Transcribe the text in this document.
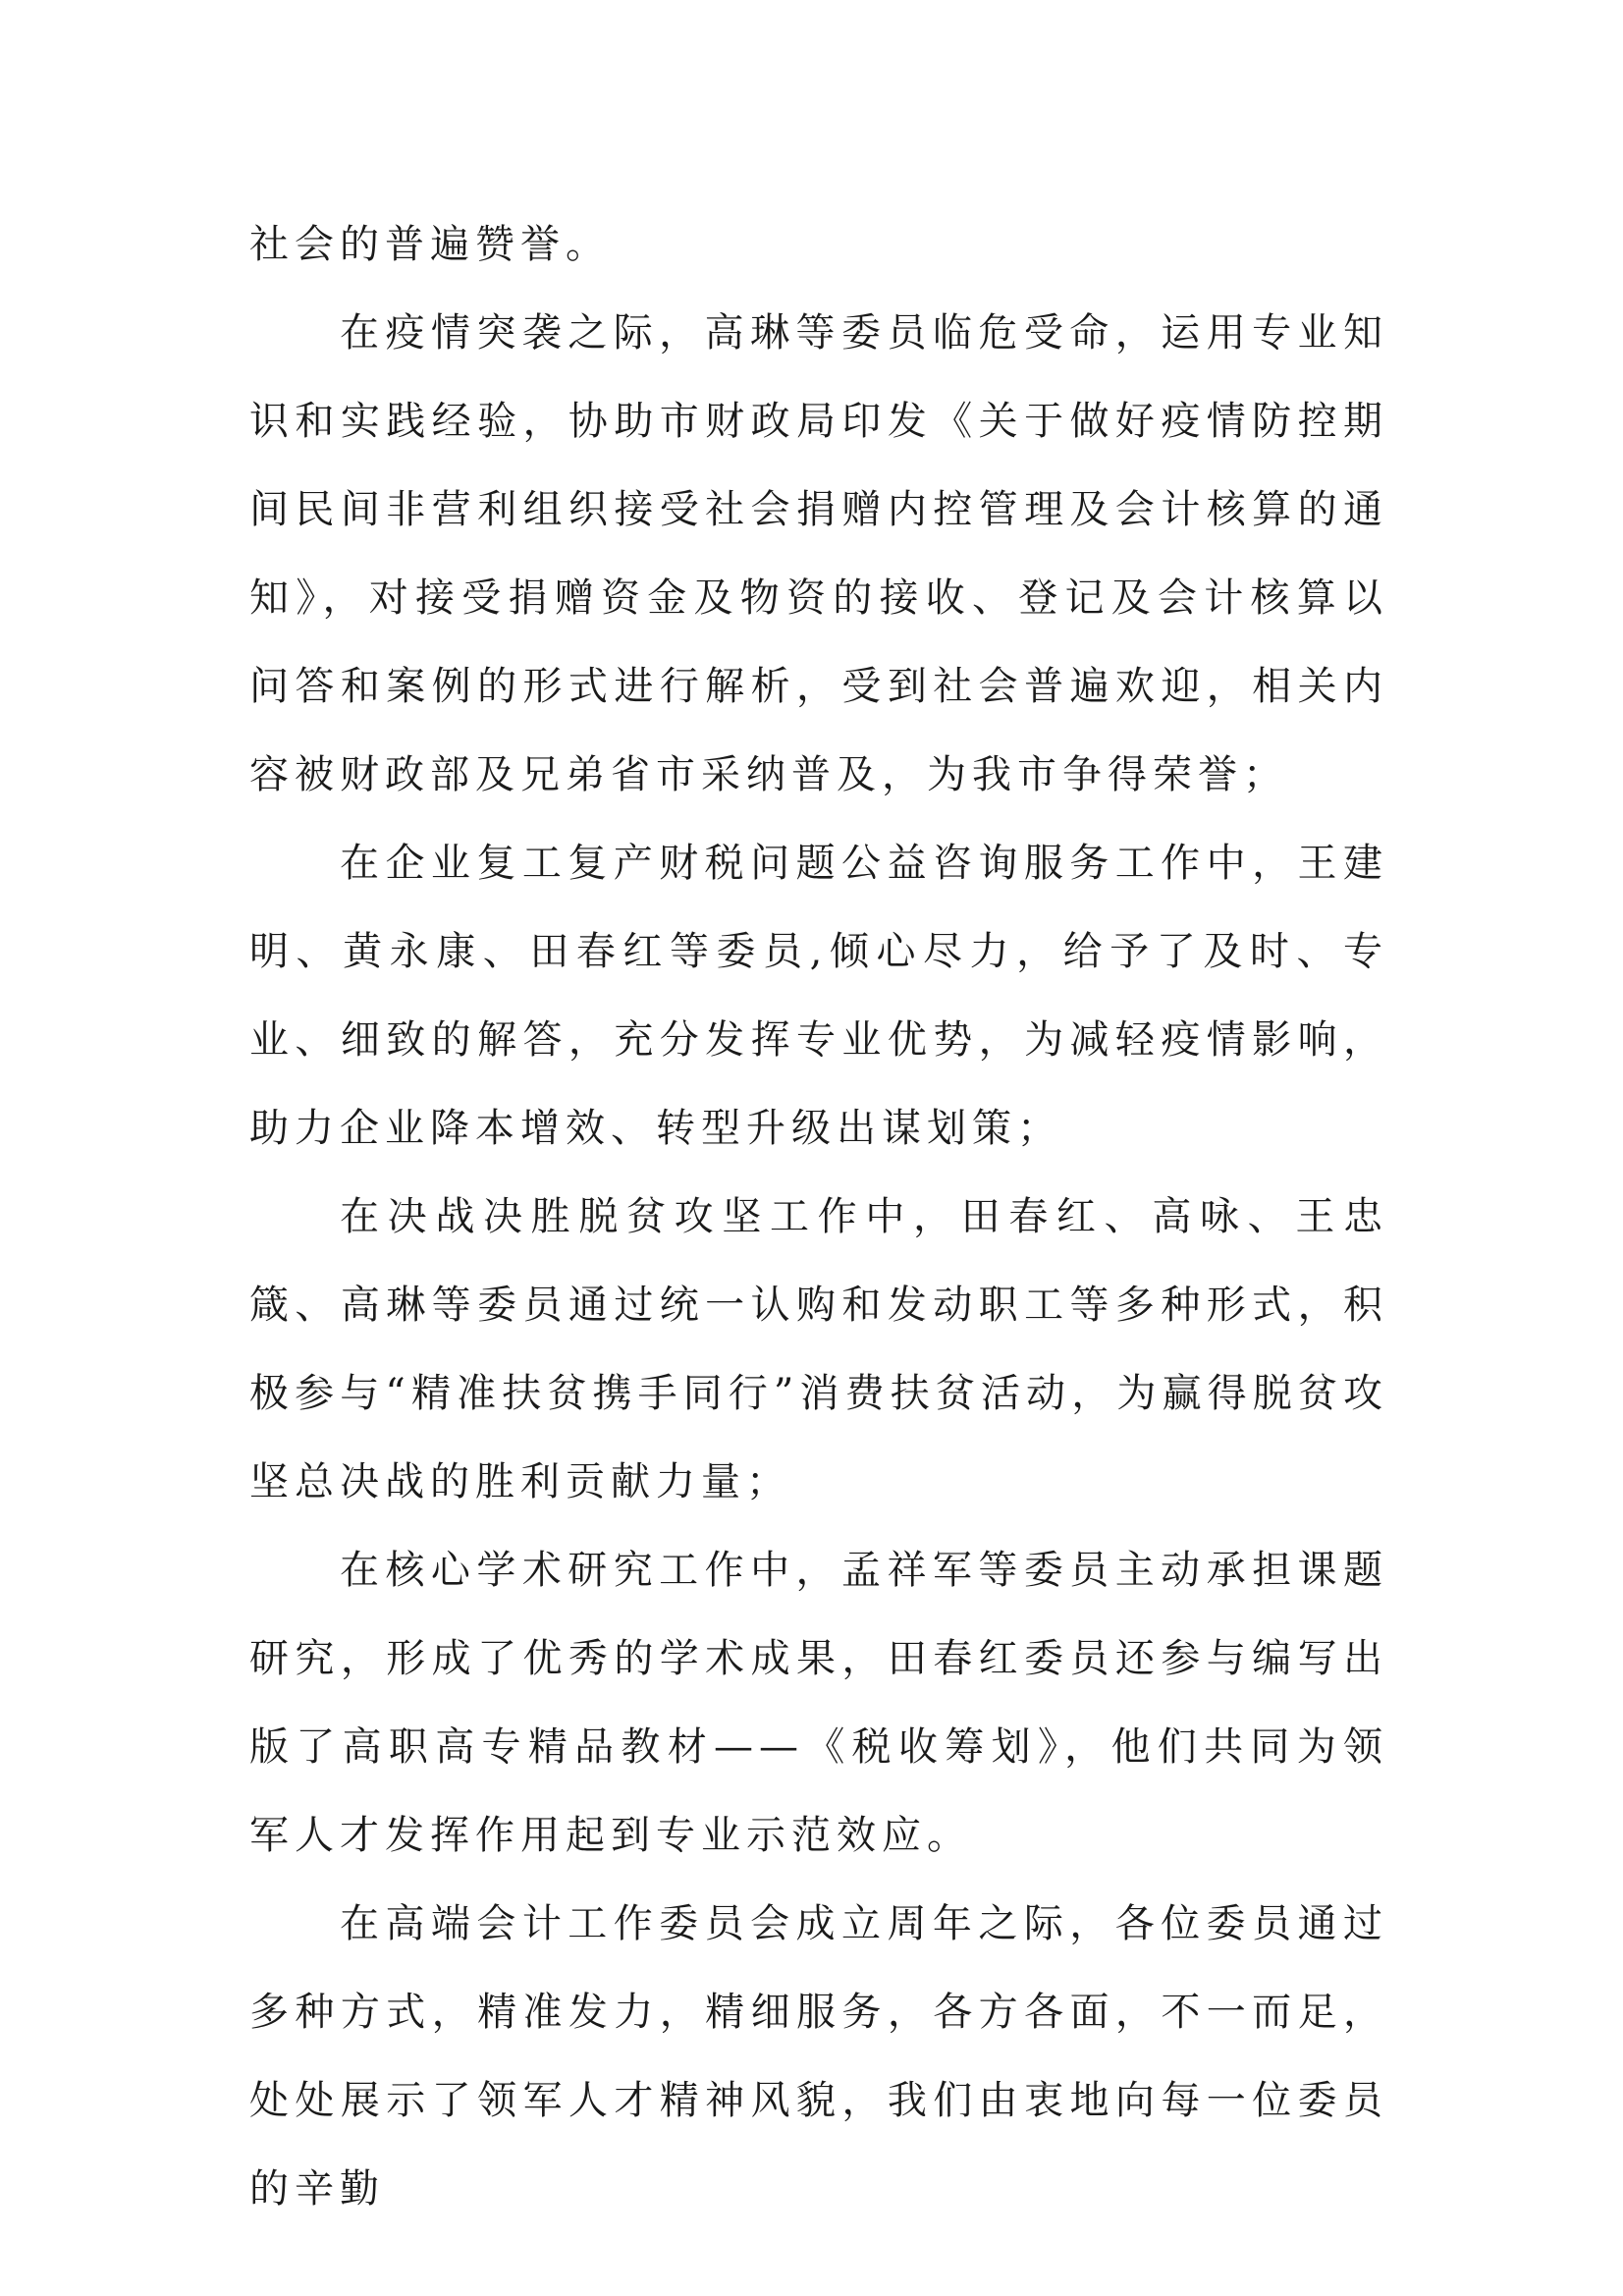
社会的普遍赞誉。

在疫情突袭之际，高琳等委员临危受命，运用专业知识和实践经验，协助市财政局印发《关于做好疫情防控期间民间非营利组织接受社会捐赠内控管理及会计核算的通知》，对接受捐赠资金及物资的接收、登记及会计核算以问答和案例的形式进行解析，受到社会普遍欢迎，相关内容被财政部及兄弟省市采纳普及，为我市争得荣誉；

在企业复工复产财税问题公益咨询服务工作中，王建明、黄永康、田春红等委员,倾心尽力，给予了及时、专业、细致的解答，充分发挥专业优势，为减轻疫情影响，助力企业降本增效、转型升级出谋划策；

在决战决胜脱贫攻坚工作中，田春红、高咏、王忠箴、高琳等委员通过统一认购和发动职工等多种形式，积极参与“精准扶贫携手同行”消费扶贫活动，为赢得脱贫攻坚总决战的胜利贡献力量；

在核心学术研究工作中，孟祥军等委员主动承担课题研究，形成了优秀的学术成果，田春红委员还参与编写出版了高职高专精品教材——《税收筹划》，他们共同为领军人才发挥作用起到专业示范效应。

在高端会计工作委员会成立周年之际，各位委员通过多种方式，精准发力，精细服务，各方各面，不一而足，处处展示了领军人才精神风貌，我们由衷地向每一位委员的辛勤
